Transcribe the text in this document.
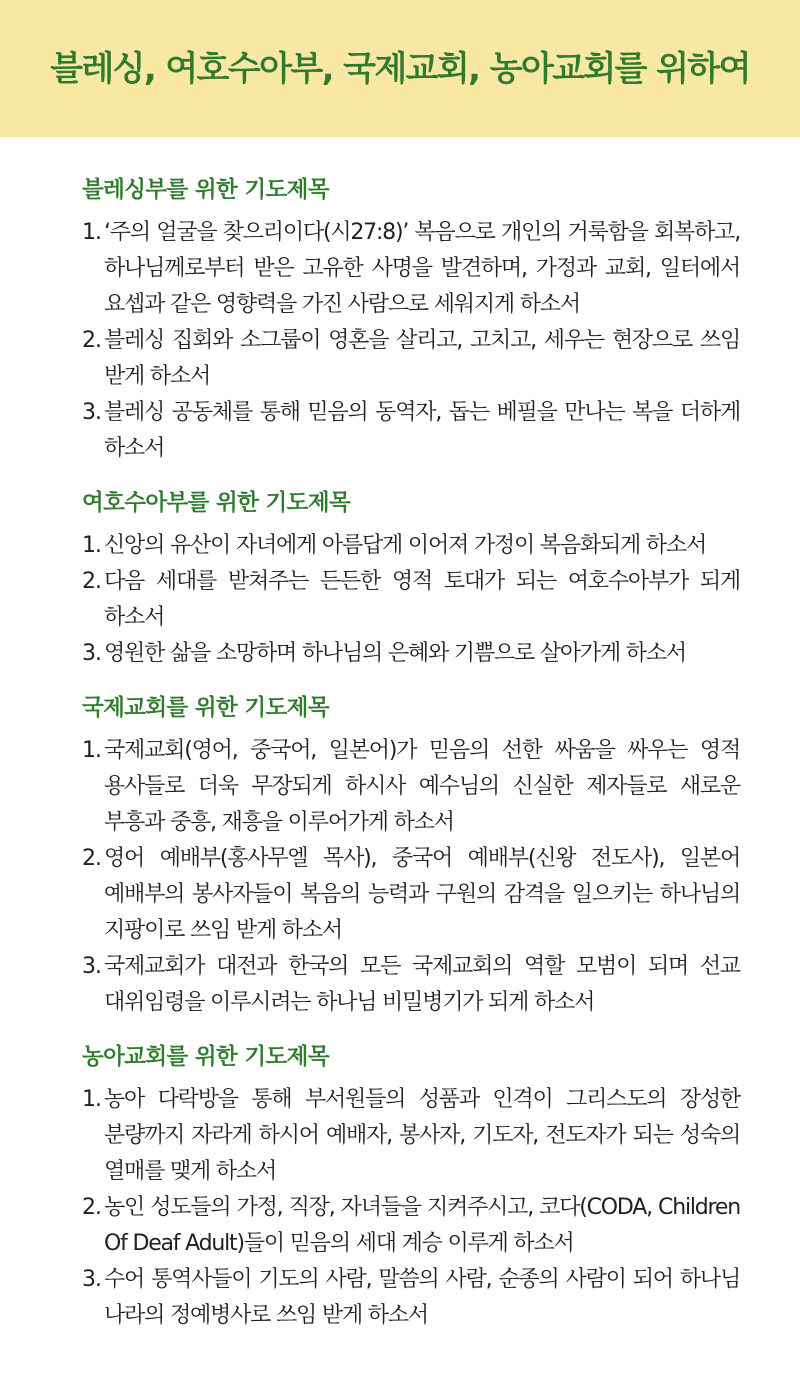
블레싱, 여호수아부, 국제교회, 농아교회를 위하여
블레싱부를 위한 기도제목
1. ‘주의 얼굴을 찾으리이다(시27:8)’ 복음으로 개인의 거룩함을 회복하고, 하나님께로부터 받은 고유한 사명을 발견하며, 가정과 교회, 일터에서 요셉과 같은 영향력을 가진 사람으로 세워지게 하소서
2. 블레싱 집회와 소그룹이 영혼을 살리고, 고치고, 세우는 현장으로 쓰임 받게 하소서
3. 블레싱 공동체를 통해 믿음의 동역자, 돕는 베필을 만나는 복을 더하게 하소서
여호수아부를 위한 기도제목
1. 신앙의 유산이 자녀에게 아름답게 이어져 가정이 복음화되게 하소서
2. 다음 세대를 받쳐주는 든든한 영적 토대가 되는 여호수아부가 되게 하소서
3. 영원한 삶을 소망하며 하나님의 은혜와 기쁨으로 살아가게 하소서
국제교회를 위한 기도제목
1. 국제교회(영어, 중국어, 일본어)가 믿음의 선한 싸움을 싸우는 영적 용사들로 더욱 무장되게 하시사 예수님의 신실한 제자들로 새로운 부흥과 중흥, 재흥을 이루어가게 하소서
2. 영어 예배부(홍사무엘 목사), 중국어 예배부(신왕 전도사), 일본어 예배부의 봉사자들이 복음의 능력과 구원의 감격을 일으키는 하나님의 지팡이로 쓰임 받게 하소서
3. 국제교회가 대전과 한국의 모든 국제교회의 역할 모범이 되며 선교 대위임령을 이루시려는 하나님 비밀병기가 되게 하소서
농아교회를 위한 기도제목
1. 농아 다락방을 통해 부서원들의 성품과 인격이 그리스도의 장성한 분량까지 자라게 하시어 예배자, 봉사자, 기도자, 전도자가 되는 성숙의 열매를 맺게 하소서
2. 농인 성도들의 가정, 직장, 자녀들을 지켜주시고, 코다(CODA, Children Of Deaf Adult)들이 믿음의 세대 계승 이루게 하소서
3. 수어 통역사들이 기도의 사람, 말씀의 사람, 순종의 사람이 되어 하나님 나라의 정예병사로 쓰임 받게 하소서
